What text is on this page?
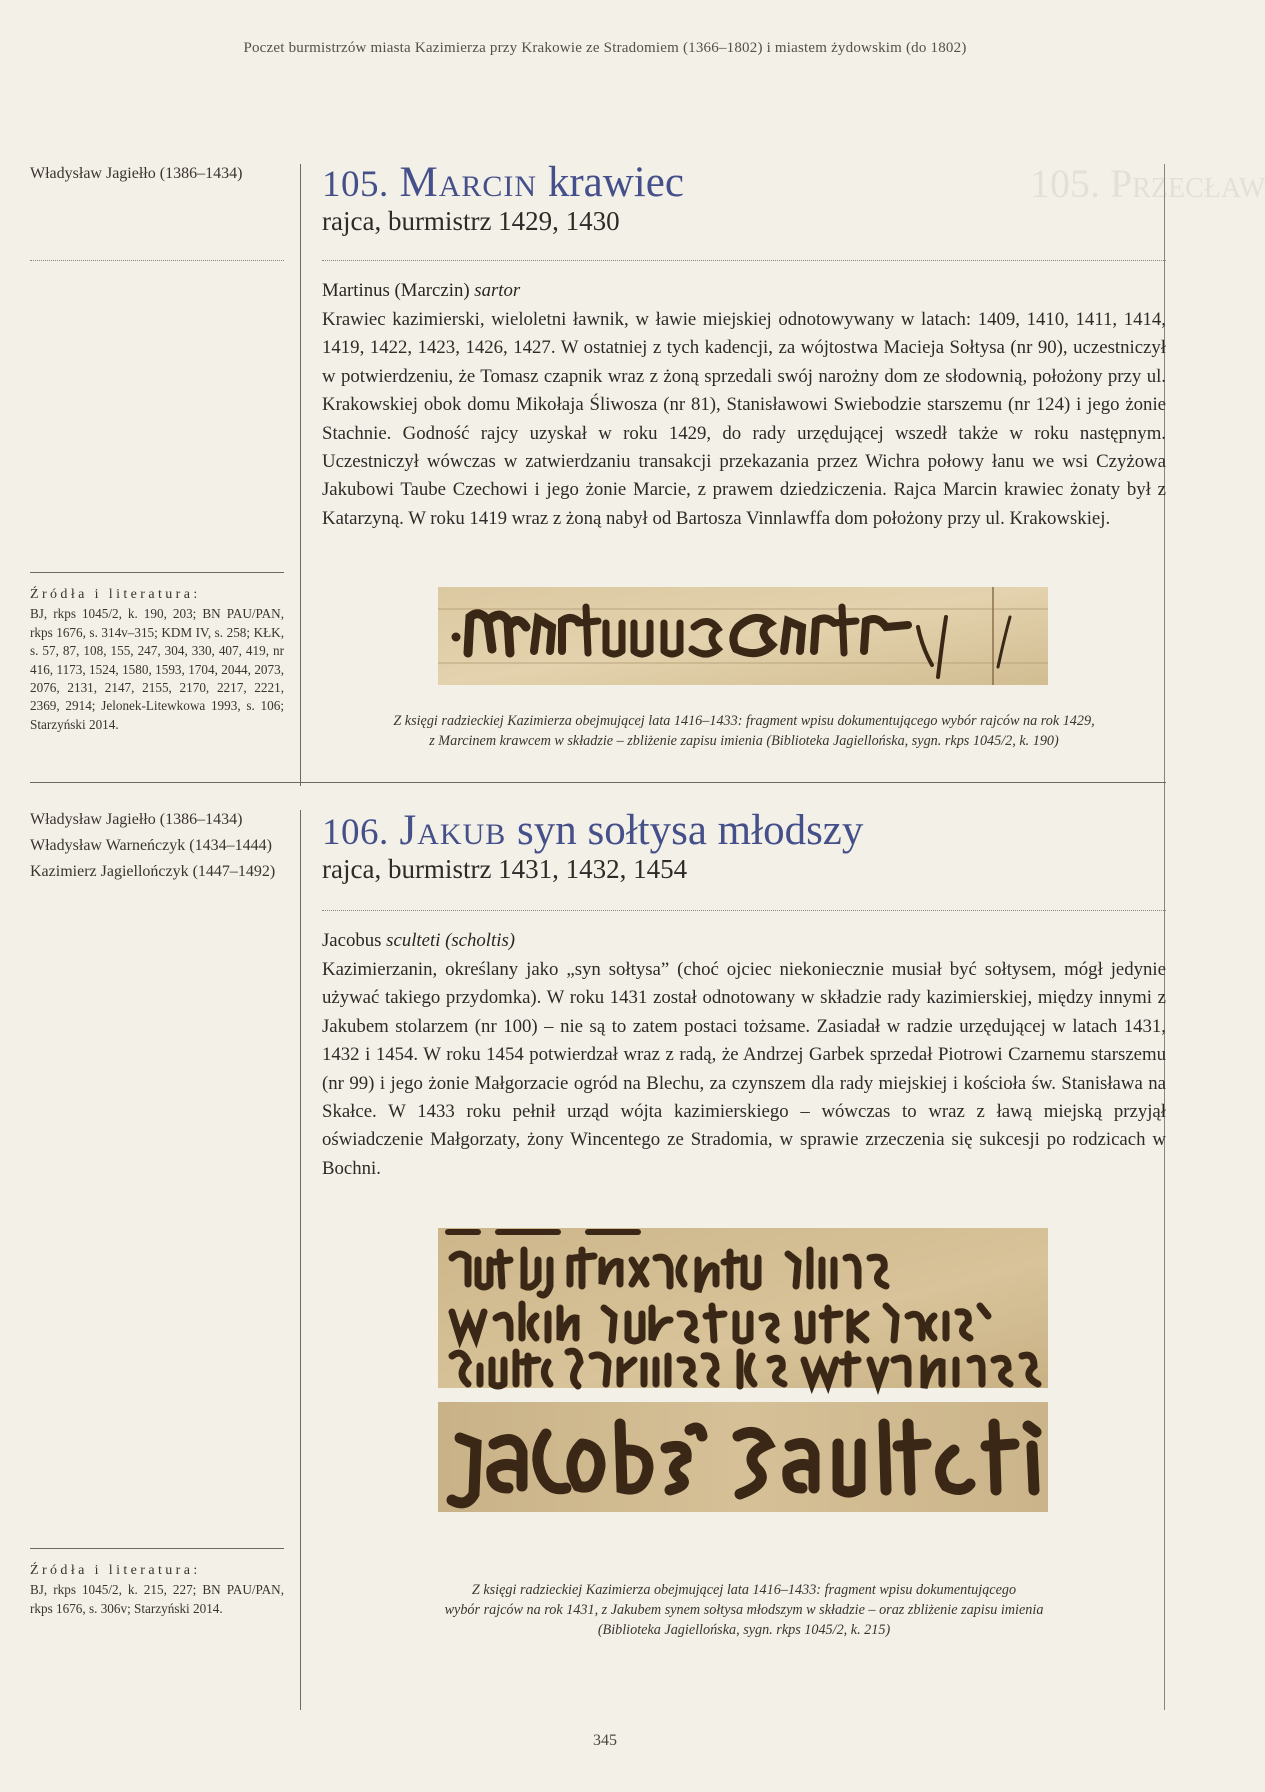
Poczet burmistrzów miasta Kazimierza przy Krakowie ze Stradomiem (1366–1802) i miastem żydowskim (do 1802)
105. Przecław
Władysław Jagiełło (1386–1434)
Źródła i literatura:
BJ, rkps 1045/2, k. 190, 203; BN PAU/PAN, rkps 1676, s. 314v–315; KDM IV, s. 258; KŁK, s. 57, 87, 108, 155, 247, 304, 330, 407, 419, nr 416, 1173, 1524, 1580, 1593, 1704, 2044, 2073, 2076, 2131, 2147, 2155, 2170, 2217, 2221, 2369, 2914; Jelonek-Litewkowa 1993, s. 106; Starzyński 2014.
105. Marcin krawiec
rajca, burmistrz 1429, 1430
Martinus (Marczin) sartor
Krawiec kazimierski, wieloletni ławnik, w ławie miejskiej odnotowywany w latach: 1409, 1410, 1411, 1414, 1419, 1422, 1423, 1426, 1427. W ostatniej z tych kadencji, za wójtostwa Macieja Sołtysa (nr 90), uczestniczył w potwierdzeniu, że Tomasz czapnik wraz z żoną sprzedali swój narożny dom ze słodownią, położony przy ul. Krakowskiej obok domu Mikołaja Śliwosza (nr 81), Stanisławowi Swiebodzie starszemu (nr 124) i jego żonie Stachnie. Godność rajcy uzyskał w roku 1429, do rady urzędującej wszedł także w roku następnym. Uczestniczył wówczas w zatwierdzaniu transakcji przekazania przez Wichra połowy łanu we wsi Czyżowa Jakubowi Taube Czechowi i jego żonie Marcie, z prawem dziedziczenia. Rajca Marcin krawiec żonaty był z Katarzyną. W roku 1419 wraz z żoną nabył od Bartosza Vinnlawffa dom położony przy ul. Krakowskiej.
Z księgi radzieckiej Kazimierza obejmującej lata 1416–1433: fragment wpisu dokumentującego wybór rajców na rok 1429,
z Marcinem krawcem w składzie – zbliżenie zapisu imienia (Biblioteka Jagiellońska, sygn. rkps 1045/2, k. 190)
Władysław Jagiełło (1386–1434)
Władysław Warneńczyk (1434–1444)
Kazimierz Jagiellończyk (1447–1492)
Źródła i literatura:
BJ, rkps 1045/2, k. 215, 227; BN PAU/PAN, rkps 1676, s. 306v; Starzyński 2014.
106. Jakub syn sołtysa młodszy
rajca, burmistrz 1431, 1432, 1454
Jacobus sculteti (scholtis)
Kazimierzanin, określany jako „syn sołtysa” (choć ojciec niekoniecznie musiał być sołtysem, mógł jedynie używać takiego przydomka). W roku 1431 został odnotowany w składzie rady kazimierskiej, między innymi z Jakubem stolarzem (nr 100) – nie są to zatem postaci tożsame. Zasiadał w radzie urzędującej w latach 1431, 1432 i 1454. W roku 1454 potwierdzał wraz z radą, że Andrzej Garbek sprzedał Piotrowi Czarnemu starszemu (nr 99) i jego żonie Małgorzacie ogród na Blechu, za czynszem dla rady miejskiej i kościoła św. Stanisława na Skałce. W 1433 roku pełnił urząd wójta kazimierskiego – wówczas to wraz z ławą miejską przyjął oświadczenie Małgorzaty, żony Wincentego ze Stradomia, w sprawie zrzeczenia się sukcesji po rodzicach w Bochni.
Z księgi radzieckiej Kazimierza obejmującej lata 1416–1433: fragment wpisu dokumentującego
wybór rajców na rok 1431, z Jakubem synem sołtysa młodszym w składzie – oraz zbliżenie zapisu imienia
(Biblioteka Jagiellońska, sygn. rkps 1045/2, k. 215)
345
